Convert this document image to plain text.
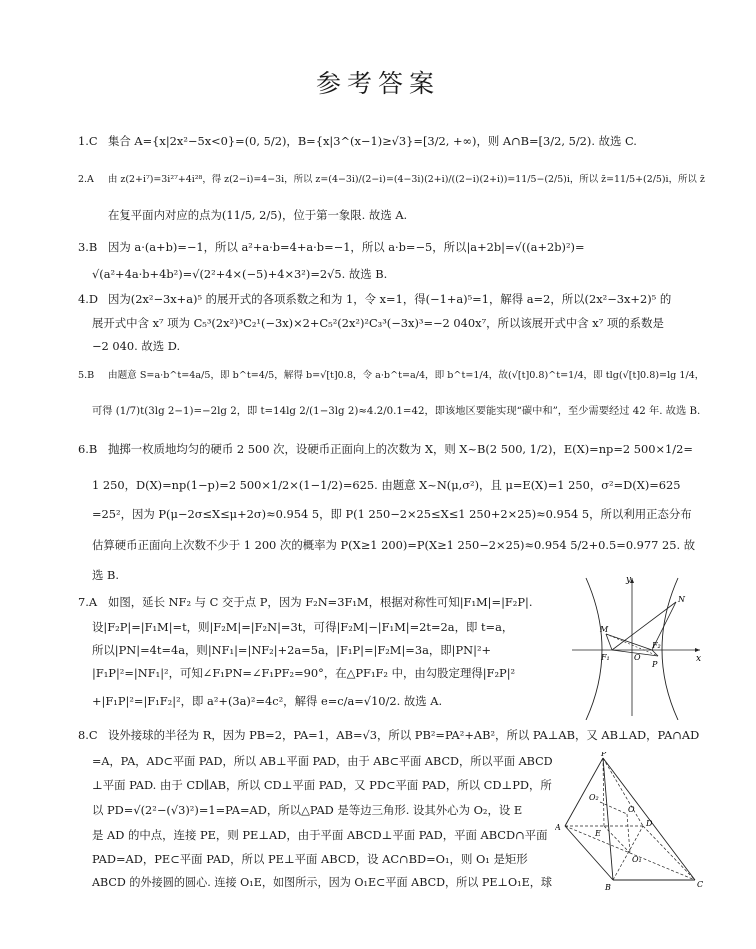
参考答案
1.C 集合 A={x|2x²−5x<0}=(0, 5/2)，B={x|3^(x−1)≥√3}=[3/2, +∞)，则 A∩B=[3/2, 5/2). 故选 C.
2.A 由 z(2+i⁷)=3i²⁷+4i²⁸，得 z(2−i)=4−3i，所以 z=(4−3i)/(2−i)=(4−3i)(2+i)/((2−i)(2+i))=11/5−(2/5)i，所以 z̄=11/5+(2/5)i，所以 z̄
在复平面内对应的点为(11/5, 2/5)，位于第一象限. 故选 A.
3.B 因为 a·(a+b)=−1，所以 a²+a·b=4+a·b=−1，所以 a·b=−5，所以|a+2b|=√((a+2b)²)=
√(a²+4a·b+4b²)=√(2²+4×(−5)+4×3²)=2√5. 故选 B.
4.D 因为(2x²−3x+a)⁵ 的展开式的各项系数之和为 1，令 x=1，得(−1+a)⁵=1，解得 a=2，所以(2x²−3x+2)⁵ 的
展开式中含 x⁷ 项为 C₅³(2x²)³C₂¹(−3x)×2+C₅²(2x²)²C₃³(−3x)³=−2 040x⁷，所以该展开式中含 x⁷ 项的系数是
−2 040. 故选 D.
5.B 由题意 S=a·b^t=4a/5，即 b^t=4/5，解得 b=√[t]0.8，令 a·b^t=a/4，即 b^t=1/4，故(√[t]0.8)^t=1/4，即 tlg(√[t]0.8)=lg 1/4，
可得 (1/7)t(3lg 2−1)=−2lg 2，即 t=14lg 2/(1−3lg 2)≈4.2/0.1=42，即该地区要能实现“碳中和”，至少需要经过 42 年. 故选 B.
6.B 抛掷一枚质地均匀的硬币 2 500 次，设硬币正面向上的次数为 X，则 X~B(2 500, 1/2)，E(X)=np=2 500×1/2=
1 250，D(X)=np(1−p)=2 500×1/2×(1−1/2)=625. 由题意 X~N(μ,σ²)，且 μ=E(X)=1 250，σ²=D(X)=625
=25²，因为 P(μ−2σ≤X≤μ+2σ)≈0.954 5，即 P(1 250−2×25≤X≤1 250+2×25)≈0.954 5，所以利用正态分布
估算硬币正面向上次数不少于 1 200 次的概率为 P(X≥1 200)=P(X≥1 250−2×25)≈0.954 5/2+0.5=0.977 25. 故
选 B.
7.A 如图，延长 NF₂ 与 C 交于点 P，因为 F₂N=3F₁M，根据对称性可知|F₁M|=|F₂P|.
设|F₂P|=|F₁M|=t，则|F₂M|=|F₂N|=3t，可得|F₂M|−|F₁M|=2t=2a，即 t=a，
所以|PN|=4t=4a，则|NF₁|=|NF₂|+2a=5a，|F₁P|=|F₂M|=3a，即|PN|²+
|F₁P|²=|NF₁|²，可知∠F₁PN=∠F₁PF₂=90°，在△PF₁F₂ 中，由勾股定理得|F₂P|²
+|F₁P|²=|F₁F₂|²，即 a²+(3a)²=4c²，解得 e=c/a=√10/2. 故选 A.
8.C 设外接球的半径为 R，因为 PB=2，PA=1，AB=√3，所以 PB²=PA²+AB²，所以 PA⊥AB，又 AB⊥AD，PA∩AD
=A，PA，AD⊂平面 PAD，所以 AB⊥平面 PAD，由于 AB⊂平面 ABCD，所以平面 ABCD
⊥平面 PAD. 由于 CD∥AB，所以 CD⊥平面 PAD，又 PD⊂平面 PAD，所以 CD⊥PD，所
以 PD=√(2²−(√3)²)=1=PA=AD，所以△PAD 是等边三角形. 设其外心为 O₂，设 E
是 AD 的中点，连接 PE，则 PE⊥AD，由于平面 ABCD⊥平面 PAD，平面 ABCD∩平面
PAD=AD，PE⊂平面 PAD，所以 PE⊥平面 ABCD，设 AC∩BD=O₁，则 O₁ 是矩形
ABCD 的外接圆的圆心. 连接 O₁E，如图所示，因为 O₁E⊂平面 ABCD，所以 PE⊥O₁E，球
y
x
N
M
F₁	O
F₂
P
P
A
B	C
D
O
O₁
O₂
E
